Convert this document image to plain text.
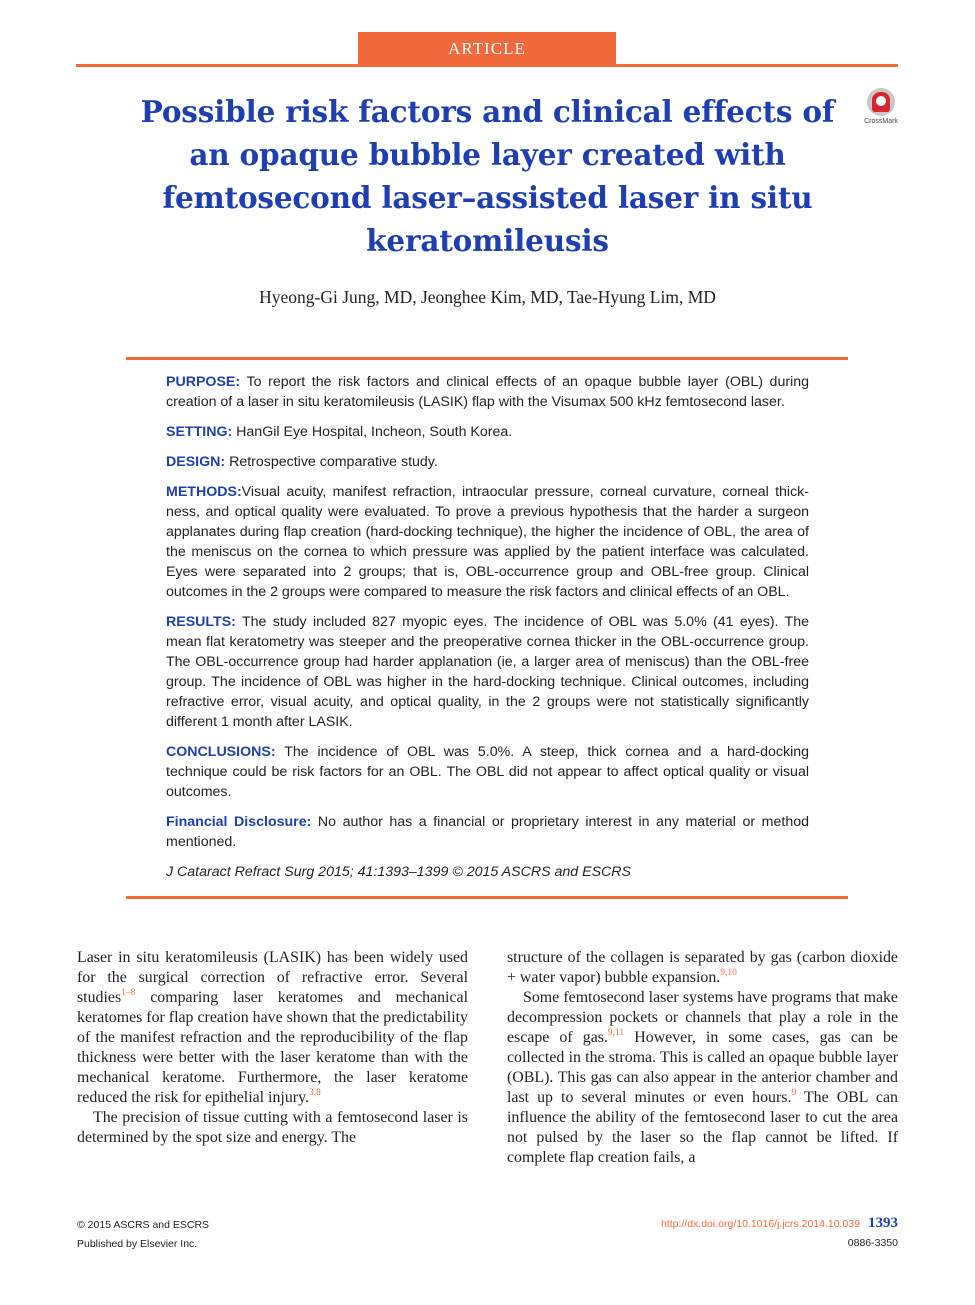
ARTICLE
Possible risk factors and clinical effects of an opaque bubble layer created with femtosecond laser–assisted laser in situ keratomileusis
CrossMark
Hyeong-Gi Jung, MD, Jeonghee Kim, MD, Tae-Hyung Lim, MD

PURPOSE: To report the risk factors and clinical effects of an opaque bubble layer (OBL) during creation of a laser in situ keratomileusis (LASIK) flap with the Visumax 500 kHz femtosecond laser.

SETTING: HanGil Eye Hospital, Incheon, South Korea.

DESIGN: Retrospective comparative study.

METHODS:Visual acuity, manifest refraction, intraocular pressure, corneal curvature, corneal thickness, and optical quality were evaluated. To prove a previous hypothesis that the harder a surgeon applanates during flap creation (hard-docking technique), the higher the incidence of OBL, the area of the meniscus on the cornea to which pressure was applied by the patient interface was calculated. Eyes were separated into 2 groups; that is, OBL-occurrence group and OBL-free group. Clinical outcomes in the 2 groups were compared to measure the risk factors and clinical effects of an OBL.

RESULTS: The study included 827 myopic eyes. The incidence of OBL was 5.0% (41 eyes). The mean flat keratometry was steeper and the preoperative cornea thicker in the OBL-occurrence group. The OBL-occurrence group had harder applanation (ie, a larger area of meniscus) than the OBL-free group. The incidence of OBL was higher in the hard-docking technique. Clinical outcomes, including refractive error, visual acuity, and optical quality, in the 2 groups were not statistically significantly different 1 month after LASIK.

CONCLUSIONS: The incidence of OBL was 5.0%. A steep, thick cornea and a hard-docking technique could be risk factors for an OBL. The OBL did not appear to affect optical quality or visual outcomes.

Financial Disclosure: No author has a financial or proprietary interest in any material or method mentioned.

J Cataract Refract Surg 2015; 41:1393–1399 © 2015 ASCRS and ESCRS

Laser in situ keratomileusis (LASIK) has been widely used for the surgical correction of refractive error. Several studies$^{1-8}$ comparing laser keratomes and mechanical keratomes for flap creation have shown that the predictability of the manifest refraction and the reproducibility of the flap thickness were better with the laser keratome than with the mechanical keratome. Furthermore, the laser keratome reduced the risk for epithelial injury.$^{3,8}$

The precision of tissue cutting with a femtosecond laser is determined by the spot size and energy. The

structure of the collagen is separated by gas (carbon dioxide + water vapor) bubble expansion.$^{9,10}$

Some femtosecond laser systems have programs that make decompression pockets or channels that play a role in the escape of gas.$^{9,11}$ However, in some cases, gas can be collected in the stroma. This is called an opaque bubble layer (OBL). This gas can also appear in the anterior chamber and last up to several minutes or even hours.$^9$ The OBL can influence the ability of the femtosecond laser to cut the area not pulsed by the laser so the flap cannot be lifted. If complete flap creation fails, a

© 2015 ASCRS and ESCRS
Published by Elsevier Inc.
http://dx.doi.org/10.1016/j.jcrs.2014.10.039 1393
0886-3350
